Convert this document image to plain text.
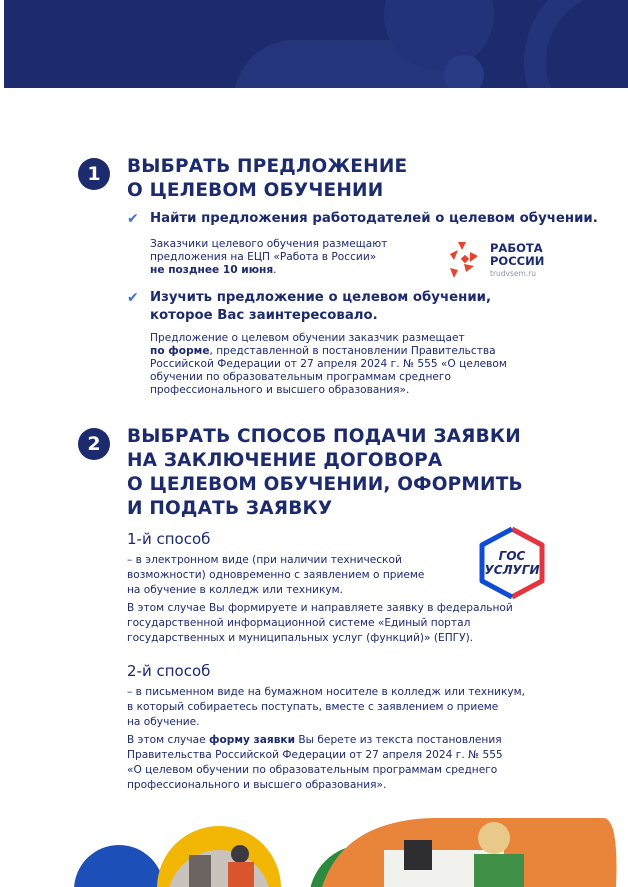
1	ВЫБРАТЬ ПРЕДЛОЖЕНИЕ
О ЦЕЛЕВОМ ОБУЧЕНИИ
✔ Найти предложения работодателей о целевом обучении.
Заказчики целевого обучения размещают
предложения на ЕЦП «Работа в России»
не позднее 10 июня.
РАБОТА
РОССИИ
trudvsem.ru
✔ Изучить предложение о целевом обучении,
которое Вас заинтересовало.
Предложение о целевом обучении заказчик размещает
по форме, представленной в постановлении Правительства
Российской Федерации от 27 апреля 2024 г. № 555 «О целевом
обучении по образовательным программам среднего
профессионального и высшего образования».
2	ВЫБРАТЬ СПОСОБ ПОДАЧИ ЗАЯВКИ
НА ЗАКЛЮЧЕНИЕ ДОГОВОРА
О ЦЕЛЕВОМ ОБУЧЕНИИ, ОФОРМИТЬ
И ПОДАТЬ ЗАЯВКУ
1-й способ
– в электронном виде (при наличии технической
возможности) одновременно с заявлением о приеме
на обучение в колледж или техникум.
В этом случае Вы формируете и направляете заявку в федеральной
государственной информационной системе «Единый портал
государственных и муниципальных услуг (функций)» (ЕПГУ).
ГОС
УСЛУГИ
2-й способ
– в письменном виде на бумажном носителе в колледж или техникум,
в который собираетесь поступать, вместе с заявлением о приеме
на обучение.
В этом случае форму заявки Вы берете из текста постановления
Правительства Российской Федерации от 27 апреля 2024 г. № 555
«О целевом обучении по образовательным программам среднего
профессионального и высшего образования».
